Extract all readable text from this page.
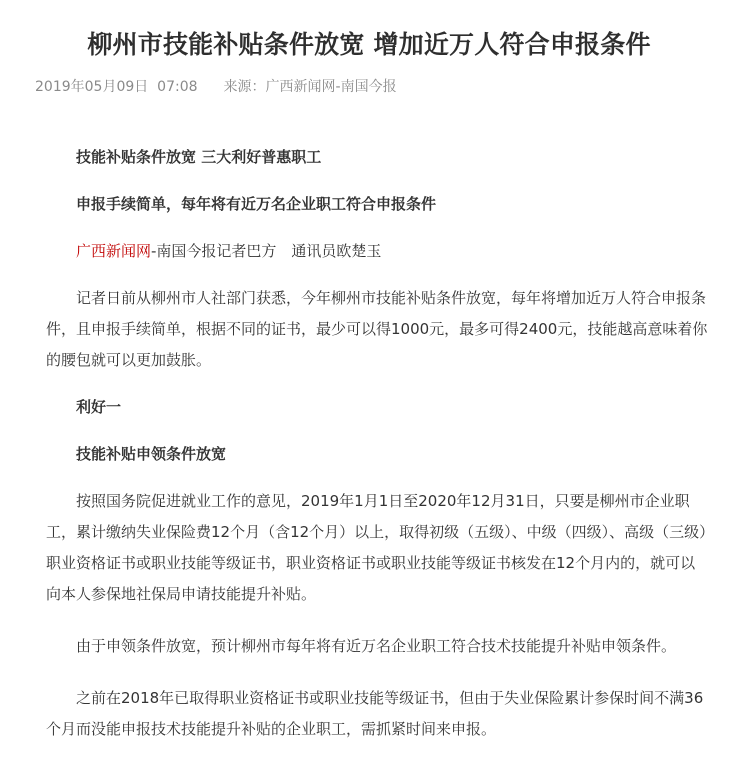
柳州市技能补贴条件放宽 增加近万人符合申报条件
2019年05月09日 07:08 来源：广西新闻网-南国今报

技能补贴条件放宽 三大利好普惠职工

申报手续简单，每年将有近万名企业职工符合申报条件

广西新闻网-南国今报记者巴方　通讯员欧楚玉

记者日前从柳州市人社部门获悉，今年柳州市技能补贴条件放宽，每年将增加近万人符合申报条件，且申报手续简单，根据不同的证书，最少可以得1000元，最多可得2400元，技能越高意味着你的腰包就可以更加鼓胀。

利好一

技能补贴申领条件放宽

按照国务院促进就业工作的意见，2019年1月1日至2020年12月31日，只要是柳州市企业职工，累计缴纳失业保险费12个月（含12个月）以上，取得初级（五级）、中级（四级）、高级（三级）职业资格证书或职业技能等级证书，职业资格证书或职业技能等级证书核发在12个月内的，就可以向本人参保地社保局申请技能提升补贴。

由于申领条件放宽，预计柳州市每年将有近万名企业职工符合技术技能提升补贴申领条件。

之前在2018年已取得职业资格证书或职业技能等级证书，但由于失业保险累计参保时间不满36个月而没能申报技术技能提升补贴的企业职工，需抓紧时间来申报。
